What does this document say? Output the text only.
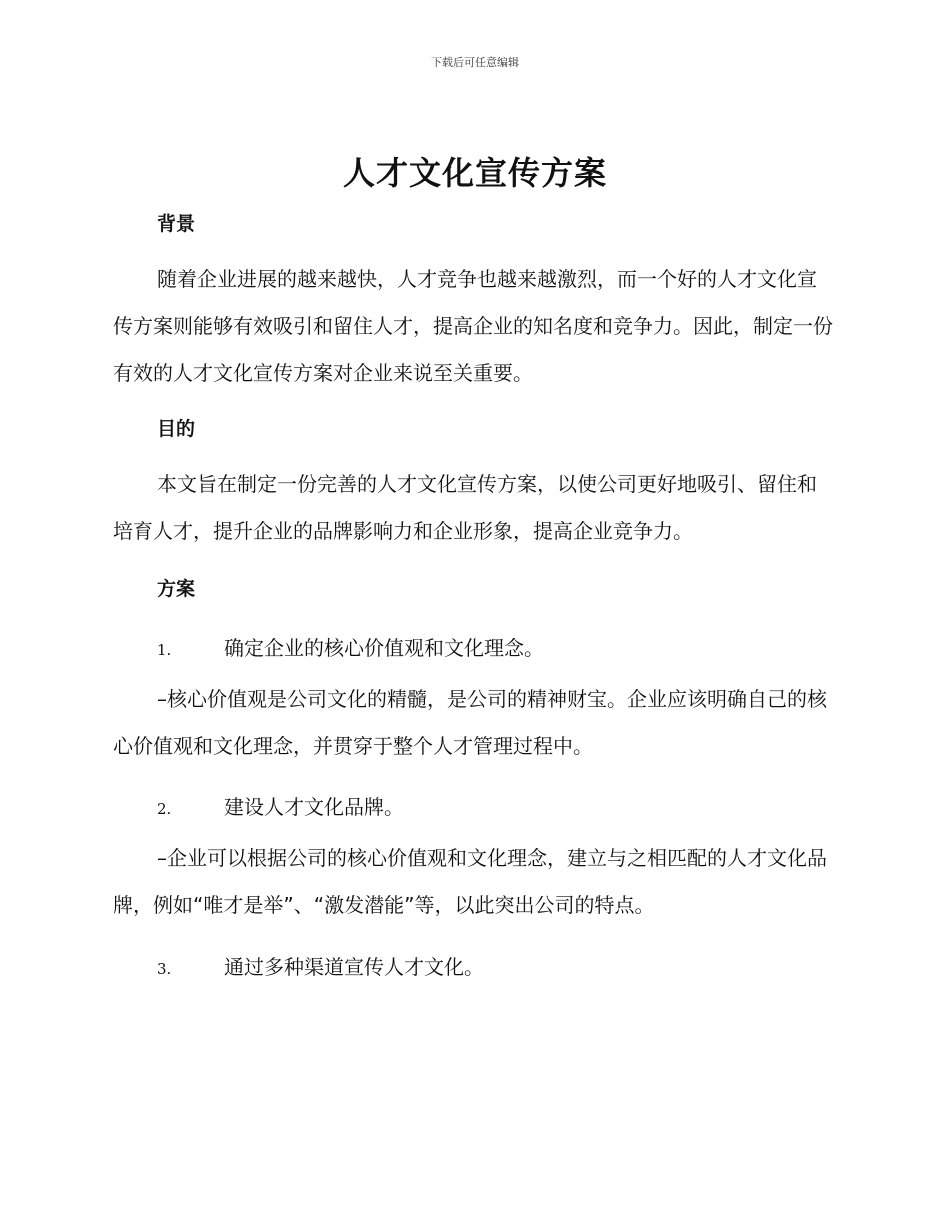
下载后可任意编辑
人才文化宣传方案
背景

随着企业进展的越来越快，人才竞争也越来越激烈，而一个好的人才文化宣传方案则能够有效吸引和留住人才，提高企业的知名度和竞争力。因此，制定一份有效的人才文化宣传方案对企业来说至关重要。

目的

本文旨在制定一份完善的人才文化宣传方案，以使公司更好地吸引、留住和培育人才，提升企业的品牌影响力和企业形象，提高企业竞争力。

方案
1.	确定企业的核心价值观和文化理念。

–核心价值观是公司文化的精髓，是公司的精神财宝。企业应该明确自己的核心价值观和文化理念，并贯穿于整个人才管理过程中。

2.	建设人才文化品牌。

–企业可以根据公司的核心价值观和文化理念，建立与之相匹配的人才文化品牌，例如“唯才是举”、“激发潜能”等，以此突出公司的特点。

3.	通过多种渠道宣传人才文化。
